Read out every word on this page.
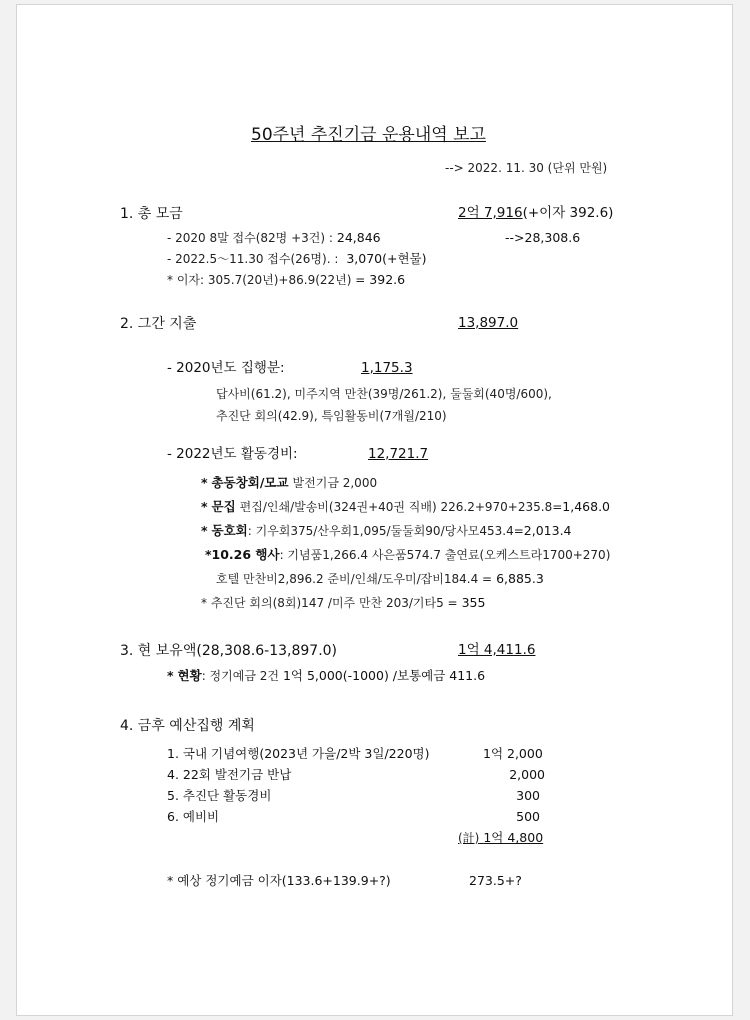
50주년 추진기금 운용내역 보고
--> 2022. 11. 30 (단위 만원)
1. 총 모금	2억 7,916(+이자 392.6)
- 2020 8말 접수(82명 +3건) : 24,846	-->28,308.6
- 2022.5～11.30 접수(26명). : 3,070(+현물)
* 이자: 305.7(20년)+86.9(22년) = 392.6
2. 그간 지출	13,897.0
- 2020년도 집행분:	1,175.3
답사비(61.2), 미주지역 만찬(39명/261.2), 둘둘회(40명/600),
추진단 회의(42.9), 특임활동비(7개월/210)
- 2022년도 활동경비:	12,721.7
* 총동창회/모교 발전기금 2,000
* 문집 편집/인쇄/발송비(324권+40권 직배) 226.2+970+235.8=1,468.0
* 동호회: 기우회375/산우회1,095/둘둘회90/당사모453.4=2,013.4
*10.26 행사: 기념품1,266.4 사은품574.7 출연료(오케스트라1700+270)
호텔 만찬비2,896.2 준비/인쇄/도우미/잡비184.4 = 6,885.3
* 추진단 회의(8회)147 /미주 만찬 203/기타5 = 355
3. 현 보유액(28,308.6-13,897.0)	1억 4,411.6
* 현황: 정기예금 2건 1억 5,000(-1000) /보통예금 411.6
4. 금후 예산집행 계획
1. 국내 기념여행(2023년 가을/2박 3일/220명)	1억 2,000
4. 22회 발전기금 반납	2,000
5. 추진단 활동경비	300
6. 예비비	500
(計) 1억 4,800
* 예상 정기예금 이자(133.6+139.9+?)	273.5+?
